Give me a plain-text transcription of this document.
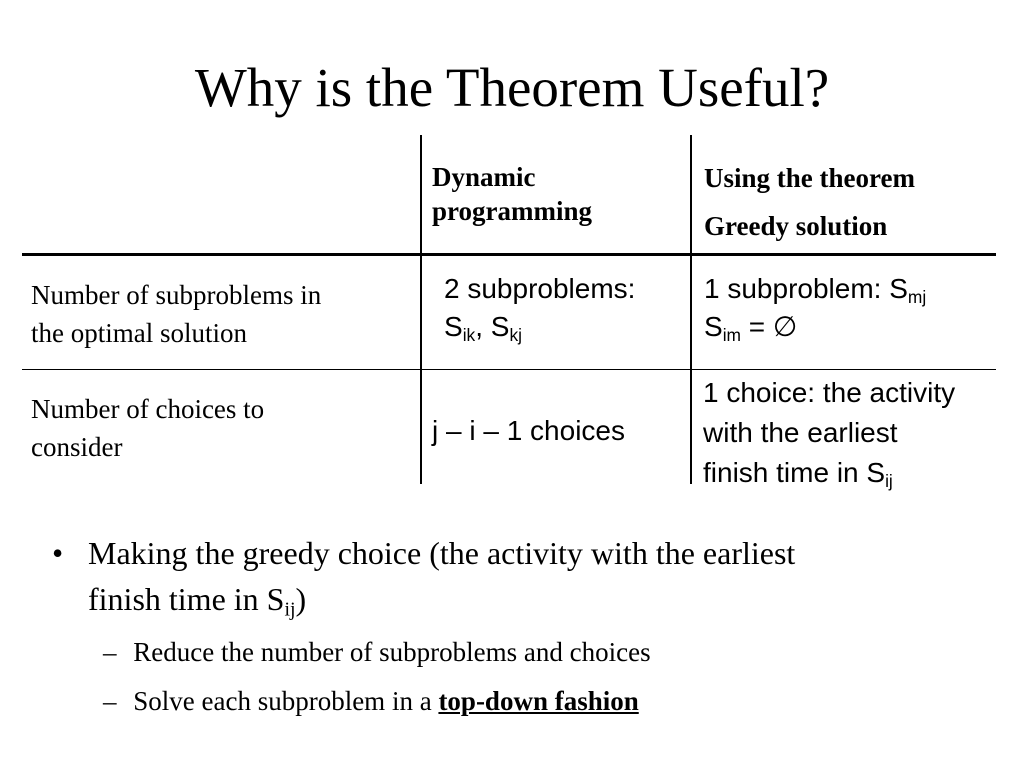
Why is the Theorem Useful?
Dynamic
programming
Using the theorem
Greedy solution
Number of subproblems in
the optimal solution
2 subproblems:
$S_{ik}$, $S_{kj}$
1 subproblem: $S_{mj}$
$S_{im}$ = ∅
Number of choices to
consider
j – i – 1 choices
1 choice: the activity
with the earliest
finish time in $S_{ij}$
• Making the greedy choice (the activity with the earliest
finish time in $S_{ij}$)
– Reduce the number of subproblems and choices
– Solve each subproblem in a top-down fashion
